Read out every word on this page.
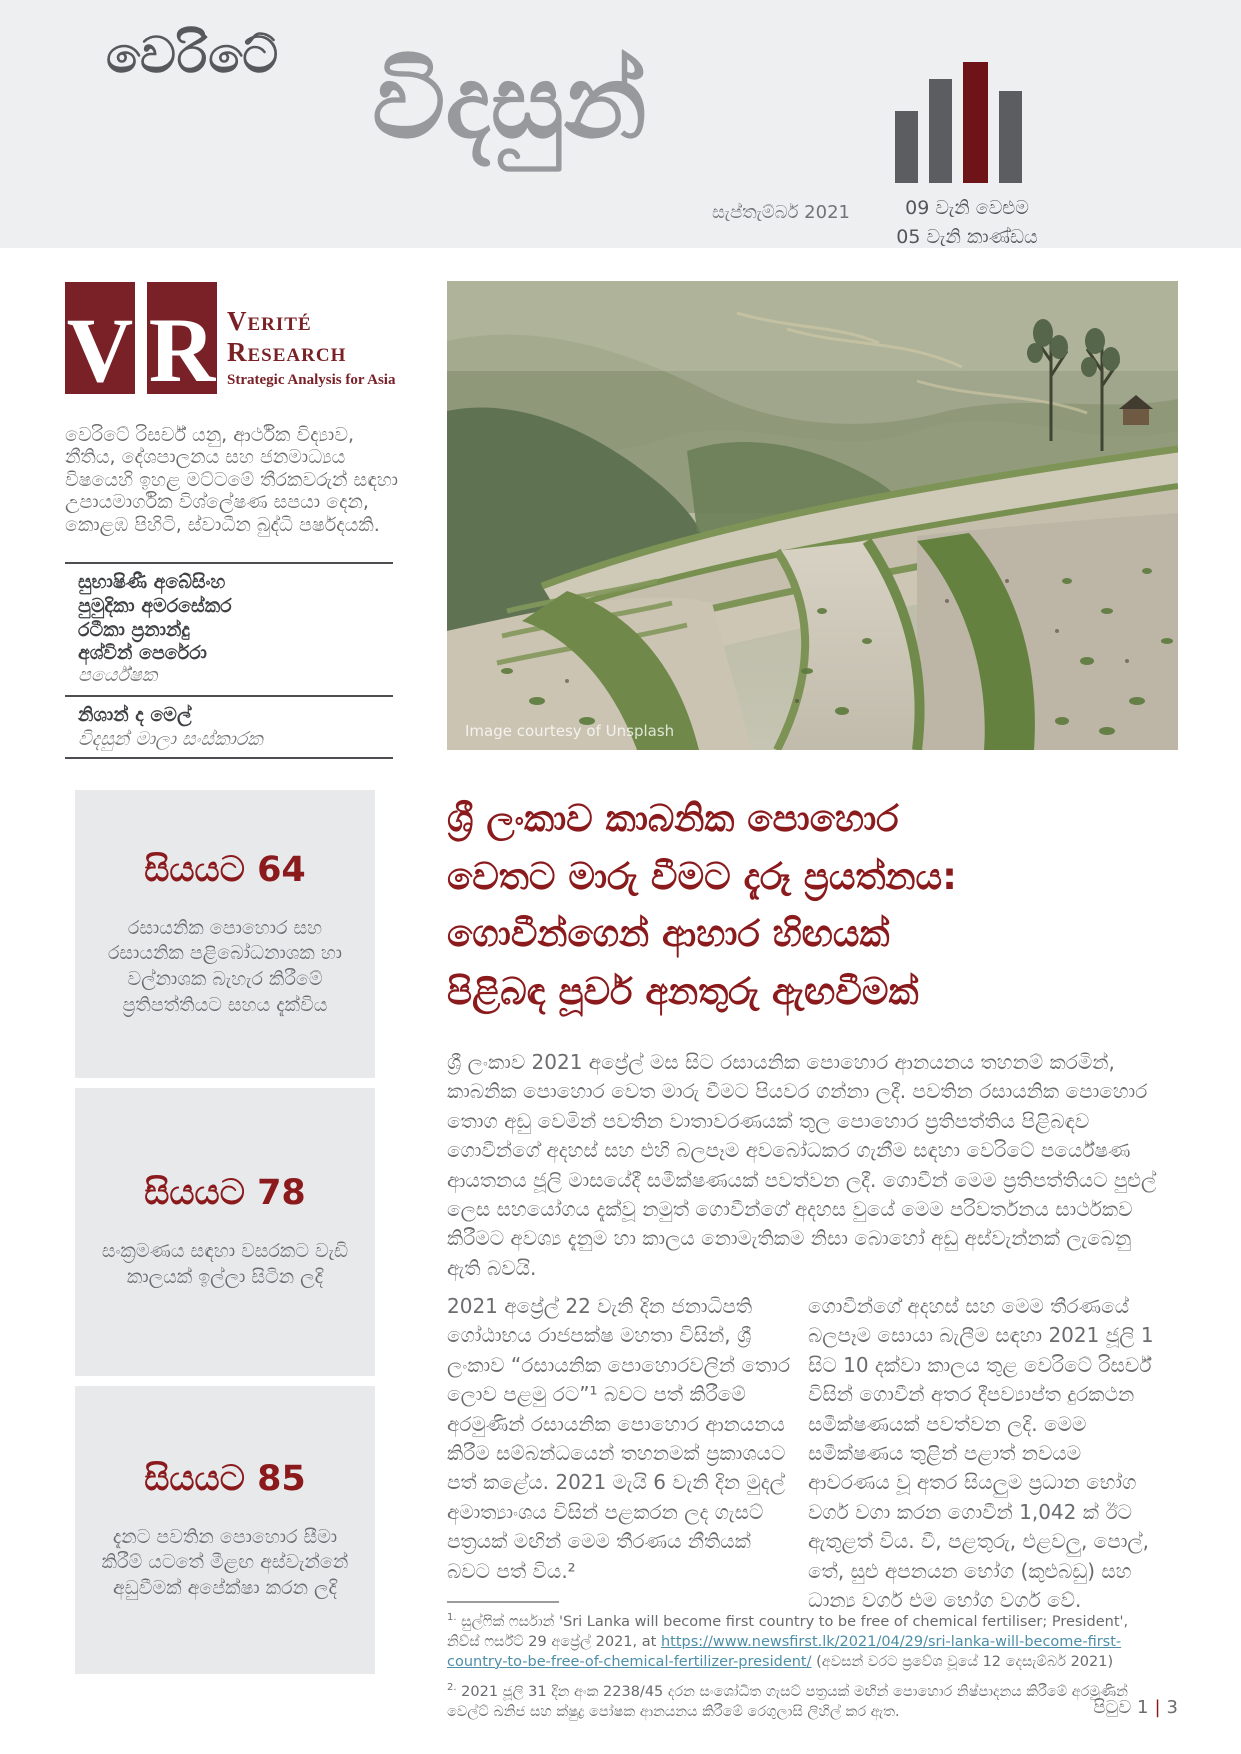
වෙරිටේ විදසුන්
සැප්තැම්බර් 2021	09 වැනි වෙළුම
05 වැනි කාණ්ඩය
V R Verité
Research
Strategic Analysis for Asia
වෙරිටේ රිසර්ච් යනු, ආර්ථික විද්‍යාව, නීතිය, දේශපාලනය සහ ජනමාධ්‍යය විෂයෙහි ඉහළ මට්ටමේ තීරකවරුන් සඳහා උපායමාර්ගික විශ්ලේෂණ සපයා දෙන, කොළඹ පිහිටි, ස්වාධීන බුද්ධි පර්ෂදයකි.
සුභාෂිණී අබේසිංහ
පුමුදිකා අමරසේකර
රටීකා ප්‍රනාන්දු
අශ්වින් පෙරේරා
පර්යේෂක
නිශාන් ද මෙල්
විදසුන් මාලා සංස්කාරක
සියයට 64
රසායනික පොහොර සහ රසායනික පළිබෝධනාශක හා වල්නාශක බැහැර කිරීමේ ප්‍රතිපත්තියට සහය දැක්විය
සියයට 78
සංක්‍රමණය සඳහා වසරකට වැඩි කාලයක් ඉල්ලා සිටින ලදි
සියයට 85
දැනට පවතින පොහොර සීමා කිරීම් යටතේ මීළඟ අස්වැන්නේ අඩුවීමක් අපේක්ෂා කරන ලදි
Image courtesy of Unsplash
ශ්‍රී ලංකාව කාබනික පොහොර
වෙතට මාරු වීමට දැරූ ප්‍රයත්නය:
ගොවීන්ගෙන් ආහාර හිඟයක්
පිළිබඳ පූර්ව අනතුරු ඇඟවීමක්
ශ්‍රී ලංකාව 2021 අප්‍රේල් මස සිට රසායනික පොහොර ආනයනය තහනම් කරමින්, කාබනික පොහොර වෙත මාරු වීමට පියවර ගන්නා ලදී. පවතින රසායනික පොහොර තොග අඩු වෙමින් පවතින වාතාවරණයක් තුල පොහොර ප්‍රතිපත්තිය පිළිබඳව ගොවීන්ගේ අදහස් සහ එහි බලපෑම අවබෝධකර ගැනීම සඳහා වෙරිටේ පර්යේෂණ ආයතනය ජූලි මාසයේදී සමීක්ෂණයක් පවත්වන ලදී. ගොවීන් මෙම ප්‍රතිපත්තියට පුළුල් ලෙස සහයෝගය දැක්වූ නමුත් ගොවීන්ගේ අදහස වුයේ මෙම පරිවර්තනය සාර්ථකව කිරීමට අවශ්‍ය දැනුම හා කාලය නොමැතිකම නිසා බොහෝ අඩු අස්වැන්නක් ලැබෙනු ඇති බවයි.
2021 අප්‍රේල් 22 වැනි දින ජනාධිපති ගෝඨාභය රාජපක්ෂ මහතා විසින්, ශ්‍රී ලංකාව “රසායනික පොහොරවලින් තොර ලොව පළමු රට”¹ බවට පත් කිරීමේ අරමුණින් රසායනික පොහොර ආනයනය කිරීම සම්බන්ධයෙන් තහනමක් ප්‍රකාශයට පත් කළේය. 2021 මැයි 6 වැනි දින මුදල් අමාත්‍යාංශය විසින් පළකරන ලද ගැසට් පත්‍රයක් මඟින් මෙම තීරණය නීතියක් බවට පත් විය.²
ගොවීන්ගේ අදහස් සහ මෙම තීරණයේ බලපෑම සොයා බැලීම සඳහා 2021 ජූලි 1 සිට 10 දක්වා කාලය තුළ වෙරිටේ රිසර්ච් විසින් ගොවීන් අතර දීපව්‍යාප්ත දුරකථන සමීක්ෂණයක් පවත්වන ලදි. මෙම සමීක්ෂණය තුළින් පළාත් නවයම ආවරණය වූ අතර සියලුම ප්‍රධාන භෝග වර්ග වගා කරන ගොවීන් 1,042 ක් ඊට ඇතුළත් විය. වී, පළතුරු, එළවලු, පොල්, තේ, සුළු අපනයන භෝග (කුළුබඩු) සහ ධාන්‍ය වර්ග එම භෝග වර්ග වේ.
$^{1.}$ සුල්ෆික් ෆර්සාන් 'Sri Lanka will become first country to be free of chemical fertiliser; President', නිව්ස් ෆර්ස්ට් 29 අප්‍රේල් 2021, at https://www.newsfirst.lk/2021/04/29/sri-lanka-will-become-first-country-to-be-free-of-chemical-fertilizer-president/ (අවසන් වරට ප්‍රවේශ වූයේ 12 දෙසැම්බර් 2021)
$^{2.}$ 2021 ජූලි 31 දින අංක 2238/45 දරන සංශෝධිත ගැසට් පත්‍රයක් මඟින් පොහොර නිෂ්පාදනය කිරීමේ අරමුණින් වෙල්ට් ඛනිජ සහ ක්ෂුද්‍ර පෝෂක ආනයනය කිරීමේ රෙගුලාසි ලිහිල් කර ඇත.	පිටුව 1 | 3
